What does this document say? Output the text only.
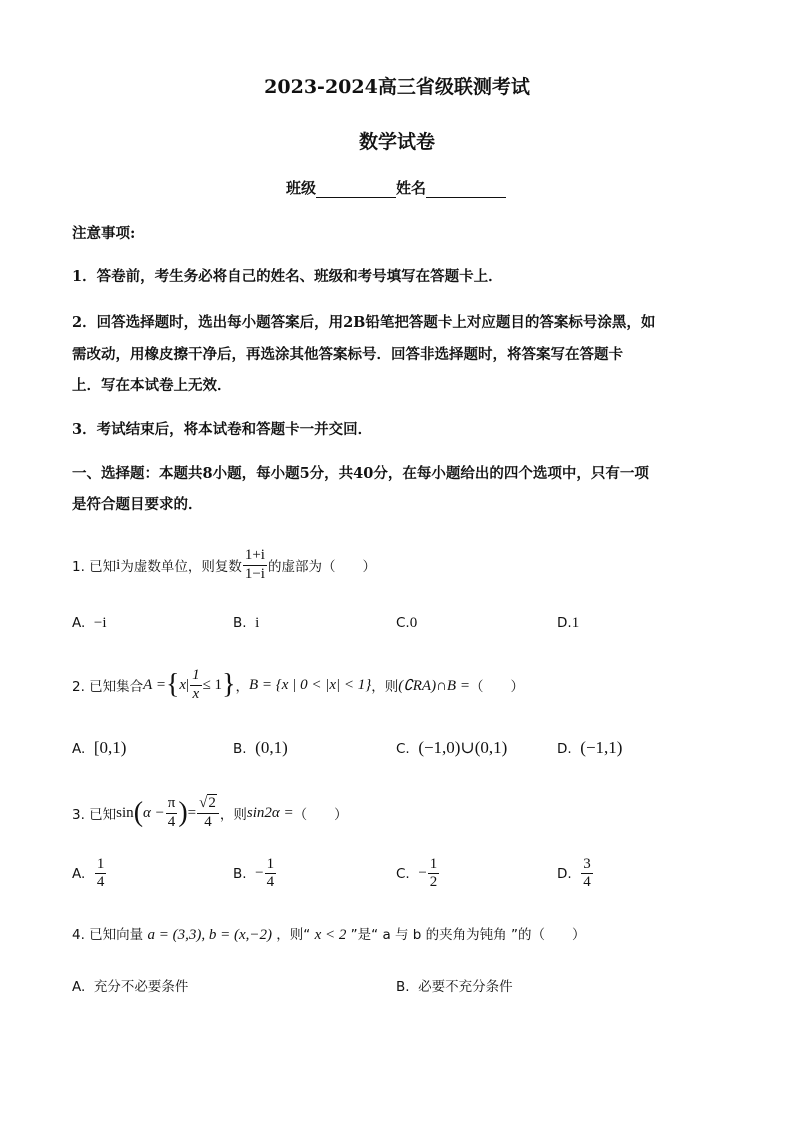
2023-2024高三省级联测考试
数学试卷
班级	姓名
注意事项:
1．答卷前，考生务必将自己的姓名、班级和考号填写在答题卡上．
2．回答选择题时，选出每小题答案后，用2B铅笔把答题卡上对应题目的答案标号涂黑，如
需改动，用橡皮擦干净后，再选涂其他答案标号．回答非选择题时，将答案写在答题卡
上．写在本试卷上无效．
3．考试结束后，将本试卷和答题卡一并交回．
一、选择题：本题共8小题，每小题5分，共40分，在每小题给出的四个选项中，只有一项
是符合题目要求的．
1. 已知 i 为虚数单位，则复数 $\frac{1+i}{1-i}$ 的虚部为（　　）
A. −i	B. i	C.0	D.1
2. 已知集合 A = { x | $\frac{1}{x} \le 1$ } ， B = {x | 0 < |x| < 1} ，则 (∁RA)∩B = （　　）
A. [0,1)	B. (0,1)	C. (−1,0)∪(0,1)	D. (−1,1)
3. 已知 sin ( $\alpha - \frac{\pi}{4}$ ) = $\frac{√2}{4}$ ，则 sin2α = （　　）
A.
$\frac{1}{4}$	B.
− $\frac{1}{4}$	C.
− $\frac{1}{2}$	D.
$\frac{3}{4}$
4. 已知向量 a = (3,3), b = (x,−2) ，则“ x < 2 ”是“ a 与 b 的夹角为钝角 ”的（　　）
A. 充分不必要条件	B. 必要不充分条件
